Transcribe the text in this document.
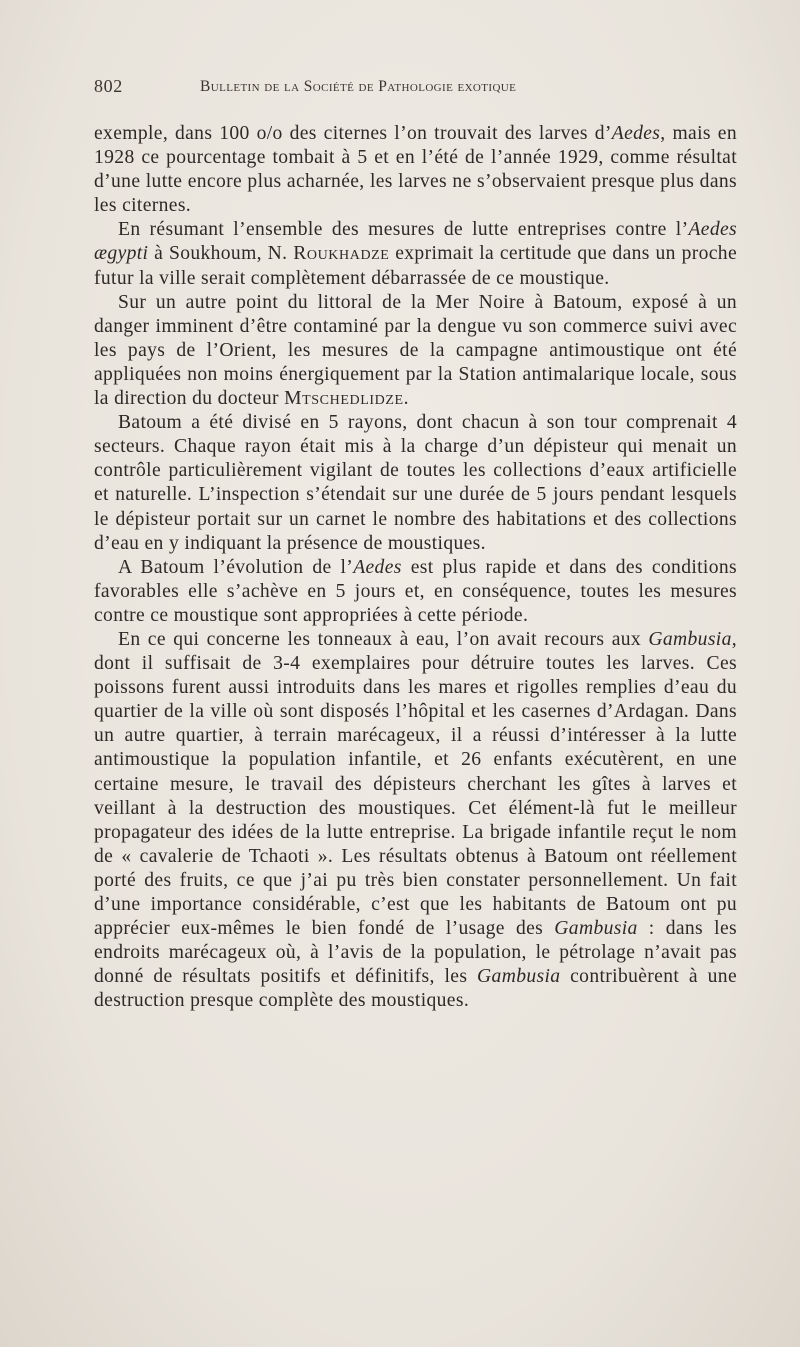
802	Bulletin de la Société de Pathologie exotique

exemple, dans 100 o/o des citernes l’on trouvait des larves d’Aedes, mais en 1928 ce pourcentage tombait à 5 et en l’été de l’année 1929, comme résultat d’une lutte encore plus acharnée, les larves ne s’observaient presque plus dans les citernes.

En résumant l’ensemble des mesures de lutte entreprises contre l’Aedes ægypti à Soukhoum, N. Roukhadze exprimait la certitude que dans un proche futur la ville serait complètement débarrassée de ce moustique.

Sur un autre point du littoral de la Mer Noire à Batoum, exposé à un danger imminent d’être contaminé par la dengue vu son commerce suivi avec les pays de l’Orient, les mesures de la campagne antimoustique ont été appliquées non moins énergiquement par la Station antimalarique locale, sous la direction du docteur Mtschedlidze.

Batoum a été divisé en 5 rayons, dont chacun à son tour comprenait 4 secteurs. Chaque rayon était mis à la charge d’un dépisteur qui menait un contrôle particulièrement vigilant de toutes les collections d’eaux artificielle et naturelle. L’inspection s’étendait sur une durée de 5 jours pendant lesquels le dépisteur portait sur un carnet le nombre des habitations et des collections d’eau en y indiquant la présence de moustiques.

A Batoum l’évolution de l’Aedes est plus rapide et dans des conditions favorables elle s’achève en 5 jours et, en conséquence, toutes les mesures contre ce moustique sont appropriées à cette période.

En ce qui concerne les tonneaux à eau, l’on avait recours aux Gambusia, dont il suffisait de 3-4 exemplaires pour détruire toutes les larves. Ces poissons furent aussi introduits dans les mares et rigolles remplies d’eau du quartier de la ville où sont disposés l’hôpital et les casernes d’Ardagan. Dans un autre quartier, à terrain marécageux, il a réussi d’intéresser à la lutte antimoustique la population infantile, et 26 enfants exécutèrent, en une certaine mesure, le travail des dépisteurs cherchant les gîtes à larves et veillant à la destruction des moustiques. Cet élément-là fut le meilleur propagateur des idées de la lutte entreprise. La brigade infantile reçut le nom de « cavalerie de Tchaoti ». Les résultats obtenus à Batoum ont réellement porté des fruits, ce que j’ai pu très bien constater personnellement. Un fait d’une importance considérable, c’est que les habitants de Batoum ont pu apprécier eux-mêmes le bien fondé de l’usage des Gambusia : dans les endroits marécageux où, à l’avis de la population, le pétrolage n’avait pas donné de résultats positifs et définitifs, les Gambusia contribuèrent à une destruction presque complète des moustiques.
